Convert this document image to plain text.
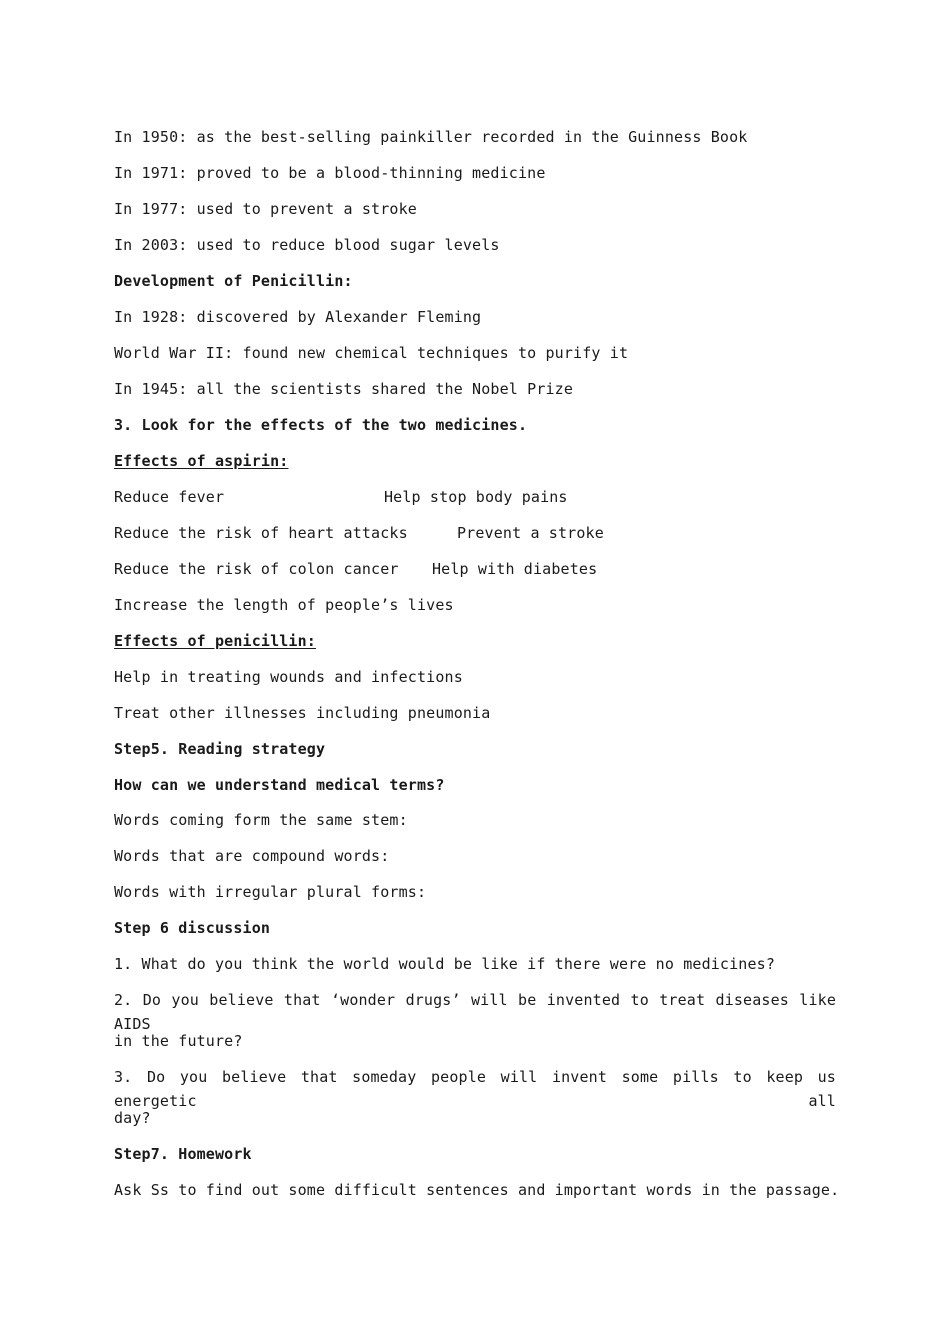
In 1950: as the best-selling painkiller recorded in the Guinness Book
In 1971: proved to be a blood-thinning medicine
In 1977: used to prevent a stroke
In 2003: used to reduce blood sugar levels
Development of Penicillin:
In 1928: discovered by Alexander Fleming
World War II: found new chemical techniques to purify it
In 1945: all the scientists shared the Nobel Prize
3. Look for the effects of the two medicines.
Effects of aspirin:
Reduce fever	Help stop body pains
Reduce the risk of heart attacks	Prevent a stroke
Reduce the risk of colon cancer Help with diabetes
Increase the length of people’s lives
Effects of penicillin:
Help in treating wounds and infections
Treat other illnesses including pneumonia
Step5. Reading strategy
How can we understand medical terms?
Words coming form the same stem:
Words that are compound words:
Words with irregular plural forms:
Step 6 discussion
1. What do you think the world would be like if there were no medicines?
2. Do you believe that ‘wonder drugs’ will be invented to treat diseases like AIDS
in the future?
3. Do you believe that someday people will invent some pills to keep us energetic all
day?
Step7. Homework
Ask Ss to find out some difficult sentences and important words in the passage.
